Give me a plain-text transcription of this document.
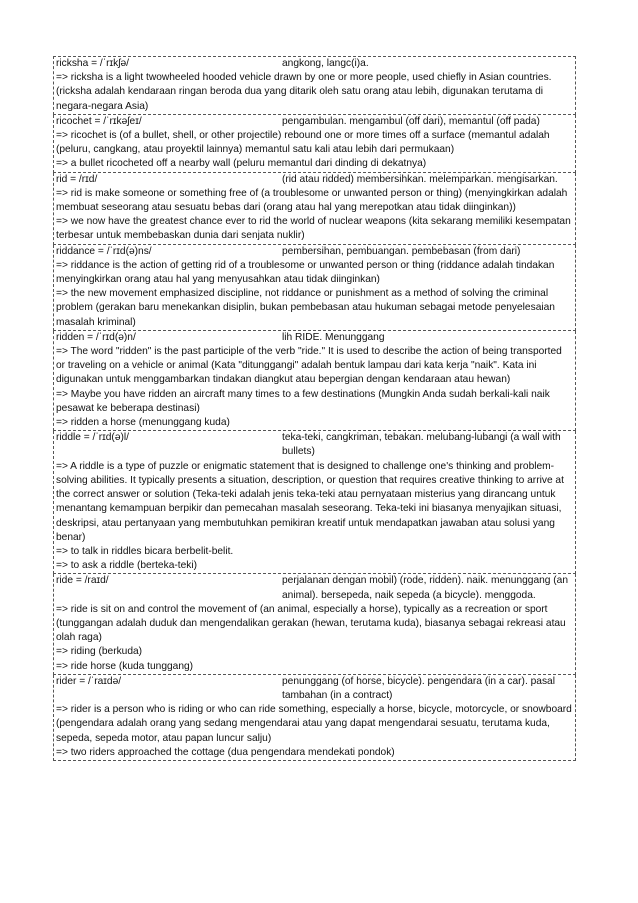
ricksha = /ˈrɪkʃə/	angkong, langc(i)a.
=> ricksha is a light twowheeled hooded vehicle drawn by one or more people, used chiefly in Asian countries. (ricksha adalah kendaraan ringan beroda dua yang ditarik oleh satu orang atau lebih, digunakan terutama di negara-negara Asia)
ricochet = /ˈrɪkəʃeɪ/	pengambulan. mengambul (off dari), memantul (off pada)
=> ricochet is (of a bullet, shell, or other projectile) rebound one or more times off a surface (memantul adalah (peluru, cangkang, atau proyektil lainnya) memantul satu kali atau lebih dari permukaan)
=> a bullet ricocheted off a nearby wall (peluru memantul dari dinding di dekatnya)
rid = /rɪd/	(rid atau ridded) membersihkan. melemparkan. mengisarkan.
=> rid is make someone or something free of (a troublesome or unwanted person or thing) (menyingkirkan adalah membuat seseorang atau sesuatu bebas dari (orang atau hal yang merepotkan atau tidak diinginkan))
=> we now have the greatest chance ever to rid the world of nuclear weapons (kita sekarang memiliki kesempatan terbesar untuk membebaskan dunia dari senjata nuklir)
riddance = /ˈrɪd(ə)ns/	pembersihan, pembuangan. pembebasan (from dari)
=> riddance is the action of getting rid of a troublesome or unwanted person or thing (riddance adalah tindakan menyingkirkan orang atau hal yang menyusahkan atau tidak diinginkan)
=> the new movement emphasized discipline, not riddance or punishment as a method of solving the criminal problem (gerakan baru menekankan disiplin, bukan pembebasan atau hukuman sebagai metode penyelesaian masalah kriminal)
ridden = /ˈrɪd(ə)n/	lih RIDE. Menunggang
=> The word "ridden" is the past participle of the verb "ride." It is used to describe the action of being transported or traveling on a vehicle or animal (Kata "ditunggangi" adalah bentuk lampau dari kata kerja "naik". Kata ini digunakan untuk menggambarkan tindakan diangkut atau bepergian dengan kendaraan atau hewan)
=> Maybe you have ridden an aircraft many times to a few destinations (Mungkin Anda sudah berkali-kali naik pesawat ke beberapa destinasi)
=> ridden a horse (menunggang kuda)
riddle = /ˈrɪd(ə)l/	teka-teki, cangkriman, tebakan. melubang-lubangi (a wall with bullets)
=> A riddle is a type of puzzle or enigmatic statement that is designed to challenge one's thinking and problem-solving abilities. It typically presents a situation, description, or question that requires creative thinking to arrive at the correct answer or solution (Teka-teki adalah jenis teka-teki atau pernyataan misterius yang dirancang untuk menantang kemampuan berpikir dan pemecahan masalah seseorang. Teka-teki ini biasanya menyajikan situasi, deskripsi, atau pertanyaan yang membutuhkan pemikiran kreatif untuk mendapatkan jawaban atau solusi yang benar)
=> to talk in riddles bicara berbelit-belit.
=> to ask a riddle (berteka-teki)
ride = /raɪd/	perjalanan dengan mobil) (rode, ridden). naik. menunggang (an animal). bersepeda, naik sepeda (a bicycle). menggoda.
=> ride is sit on and control the movement of (an animal, especially a horse), typically as a recreation or sport (tunggangan adalah duduk dan mengendalikan gerakan (hewan, terutama kuda), biasanya sebagai rekreasi atau olah raga)
=> riding (berkuda)
=> ride horse (kuda tunggang)
rider = /ˈraɪdə/	penunggang (of horse, bicycle). pengendara (in a car). pasal tambahan (in a contract)
=> rider is a person who is riding or who can ride something, especially a horse, bicycle, motorcycle, or snowboard (pengendara adalah orang yang sedang mengendarai atau yang dapat mengendarai sesuatu, terutama kuda, sepeda, sepeda motor, atau papan luncur salju)
=> two riders approached the cottage (dua pengendara mendekati pondok)
